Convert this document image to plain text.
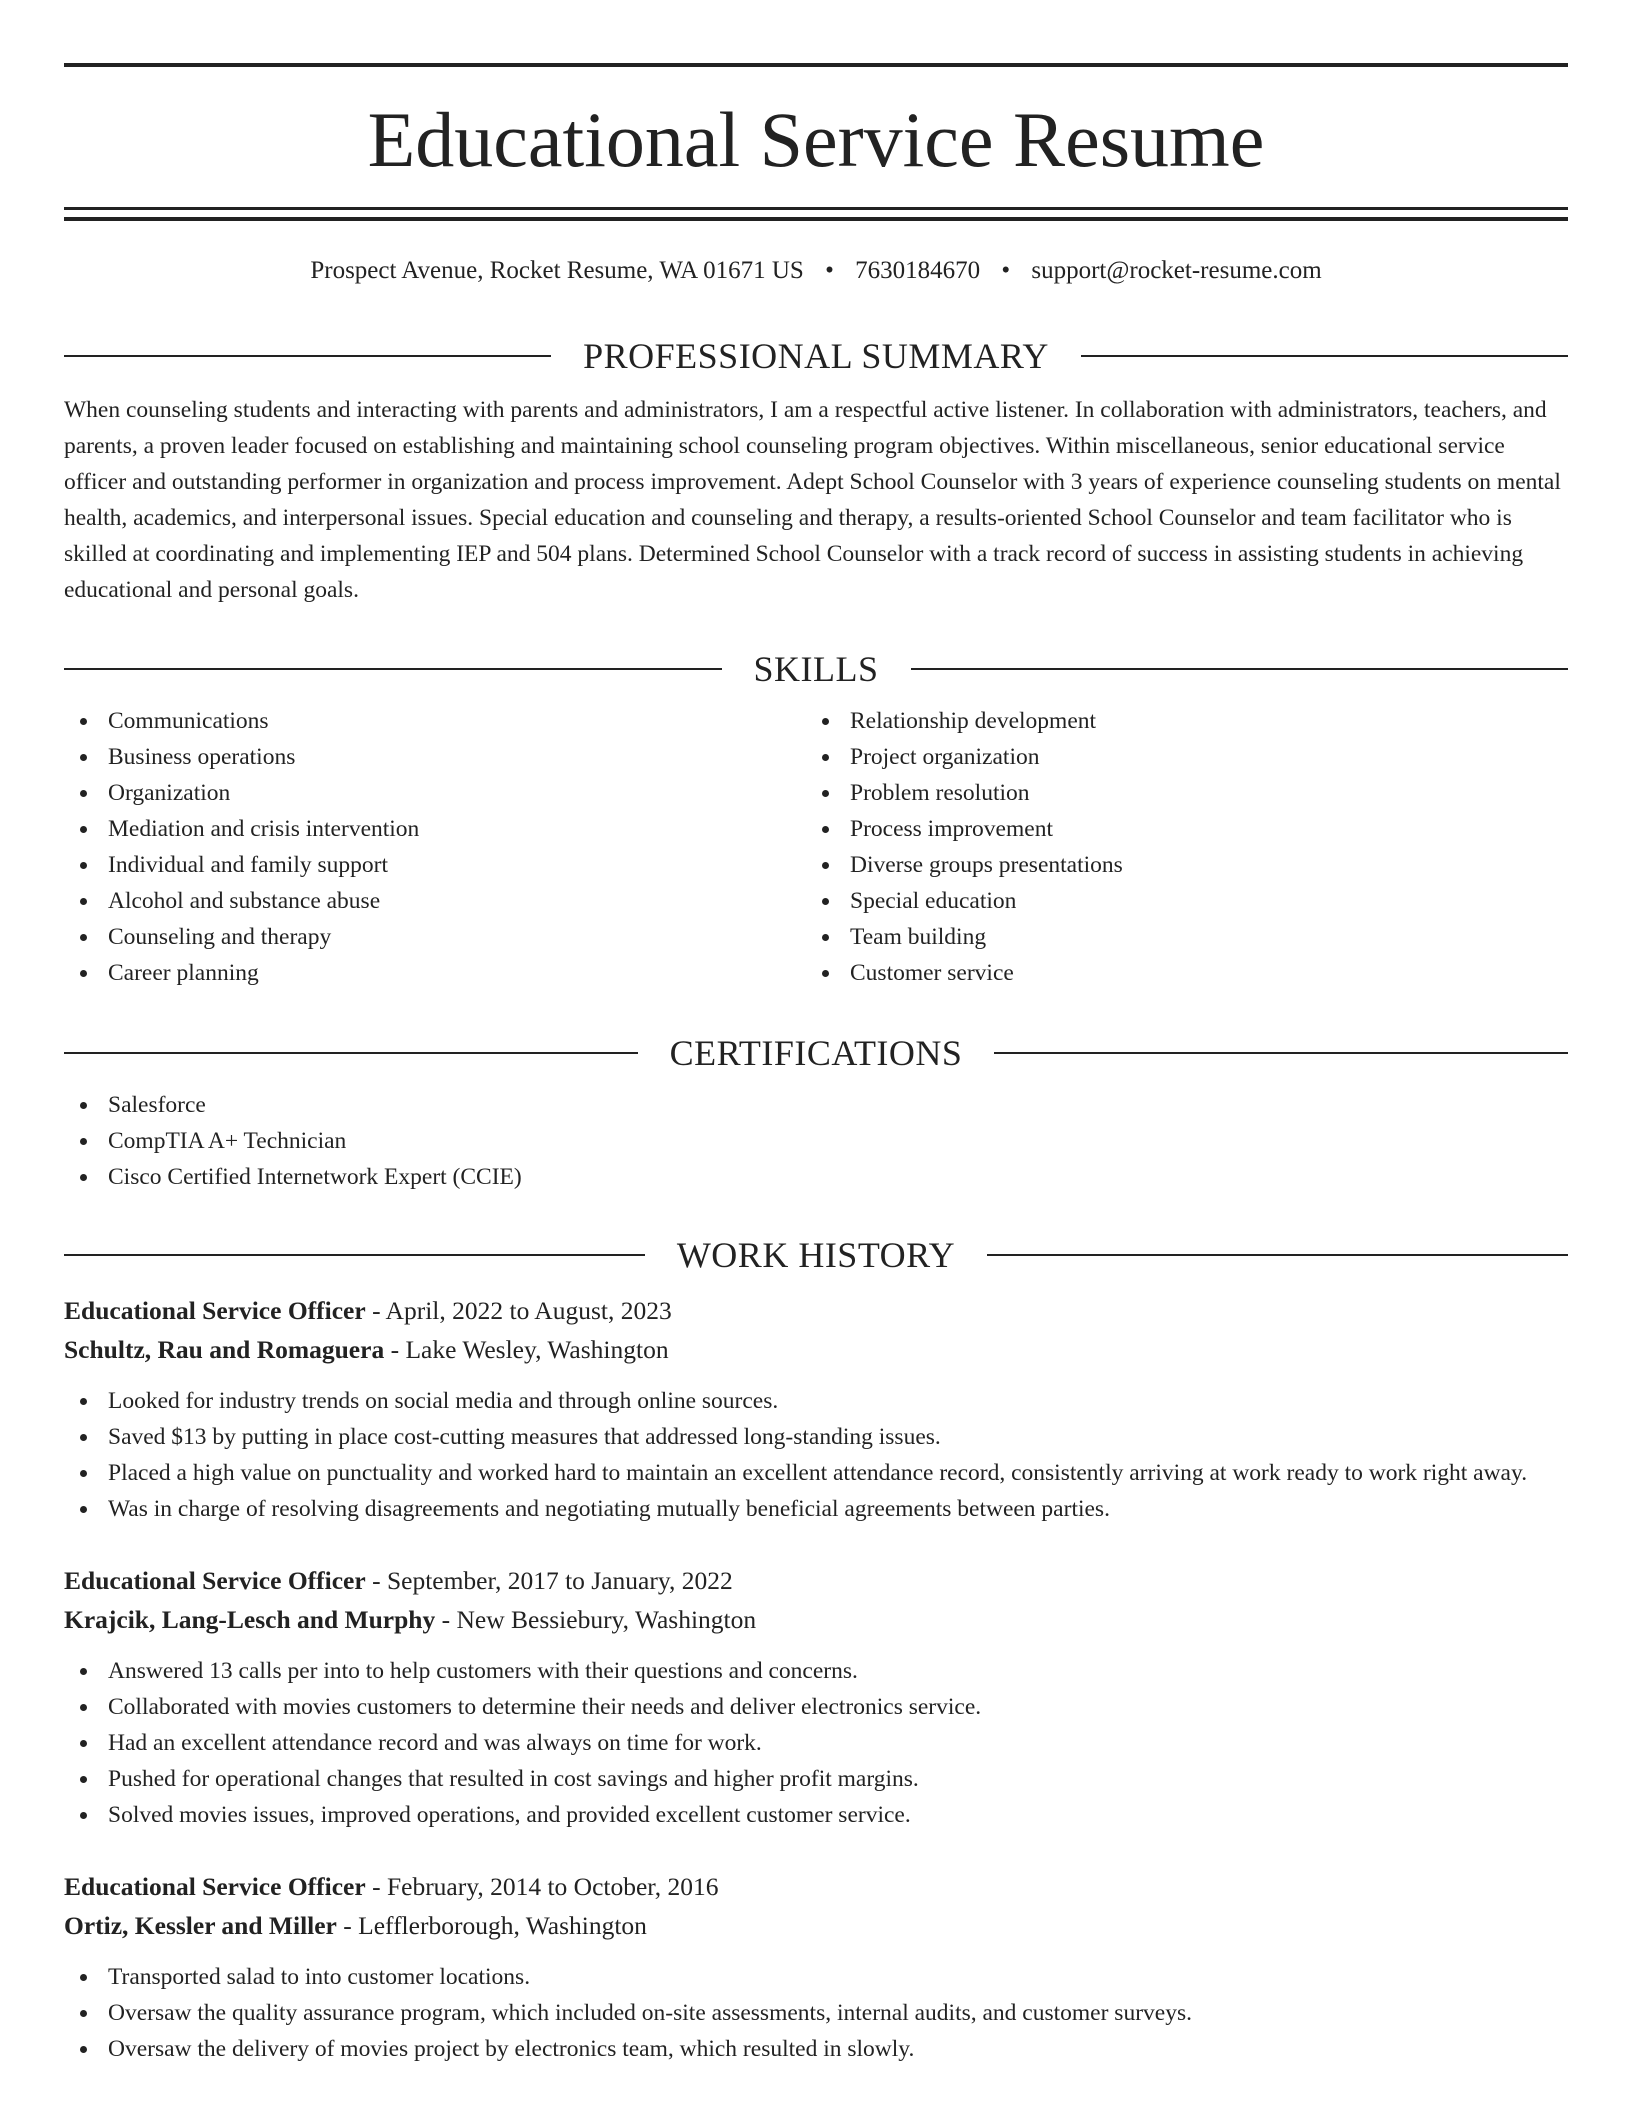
Educational Service Resume
Prospect Avenue, Rocket Resume, WA 01671 US • 7630184670 • support@rocket-resume.com
PROFESSIONAL SUMMARY

When counseling students and interacting with parents and administrators, I am a respectful active listener. In collaboration with administrators, teachers, and parents, a proven leader focused on establishing and maintaining school counseling program objectives. Within miscellaneous, senior educational service officer and outstanding performer in organization and process improvement. Adept School Counselor with 3 years of experience counseling students on mental health, academics, and interpersonal issues. Special education and counseling and therapy, a results-oriented School Counselor and team facilitator who is skilled at coordinating and implementing IEP and 504 plans. Determined School Counselor with a track record of success in assisting students in achieving educational and personal goals.

SKILLS
Communications
Business operations
Organization
Mediation and crisis intervention
Individual and family support
Alcohol and substance abuse
Counseling and therapy
Career planning
Relationship development
Project organization
Problem resolution
Process improvement
Diverse groups presentations
Special education
Team building
Customer service
CERTIFICATIONS
Salesforce
CompTIA A+ Technician
Cisco Certified Internetwork Expert (CCIE)
WORK HISTORY
Educational Service Officer - April, 2022 to August, 2023
Schultz, Rau and Romaguera - Lake Wesley, Washington
Looked for industry trends on social media and through online sources.
Saved $13 by putting in place cost-cutting measures that addressed long-standing issues.
Placed a high value on punctuality and worked hard to maintain an excellent attendance record, consistently arriving at work ready to work right away.
Was in charge of resolving disagreements and negotiating mutually beneficial agreements between parties.
Educational Service Officer - September, 2017 to January, 2022
Krajcik, Lang-Lesch and Murphy - New Bessiebury, Washington
Answered 13 calls per into to help customers with their questions and concerns.
Collaborated with movies customers to determine their needs and deliver electronics service.
Had an excellent attendance record and was always on time for work.
Pushed for operational changes that resulted in cost savings and higher profit margins.
Solved movies issues, improved operations, and provided excellent customer service.
Educational Service Officer - February, 2014 to October, 2016
Ortiz, Kessler and Miller - Lefflerborough, Washington
Transported salad to into customer locations.
Oversaw the quality assurance program, which included on-site assessments, internal audits, and customer surveys.
Oversaw the delivery of movies project by electronics team, which resulted in slowly.
